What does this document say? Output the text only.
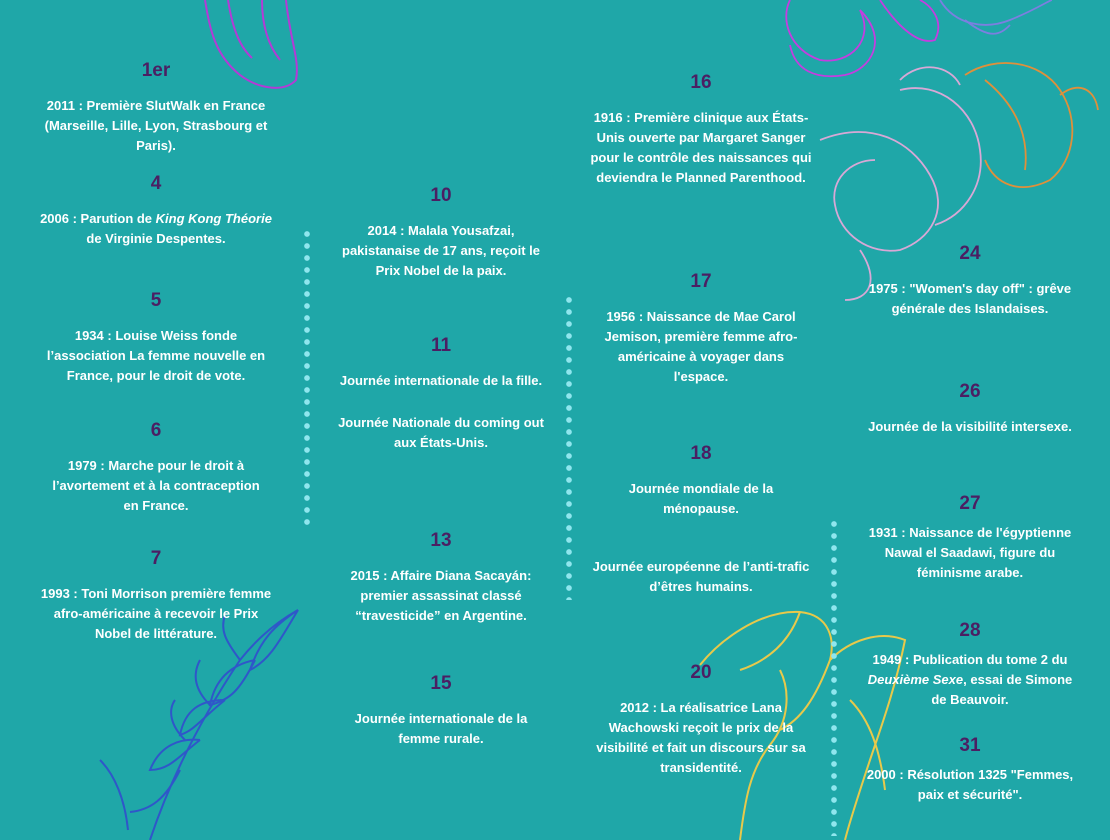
1er
2011 : Première SlutWalk en France (Marseille, Lille, Lyon, Strasbourg et Paris).
4
2006 : Parution de King Kong Théorie de Virginie Despentes.
5
1934 : Louise Weiss fonde l’association La femme nouvelle en France, pour le droit de vote.
6
1979 : Marche pour le droit à l’avortement et à la contraception en France.
7
1993 : Toni Morrison première femme afro-américaine à recevoir le Prix Nobel de littérature.
10
2014 : Malala Yousafzai, pakistanaise de 17 ans, reçoit le Prix Nobel de la paix.
11
Journée internationale de la fille.
Journée Nationale du coming out aux États-Unis.
13
2015 : Affaire Diana Sacayán: premier assassinat classé “travesticide” en Argentine.
15
Journée internationale de la femme rurale.
16
1916 : Première clinique aux États-Unis ouverte par Margaret Sanger pour le contrôle des naissances qui deviendra le Planned Parenthood.
17
1956 : Naissance de Mae Carol Jemison, première femme afro-américaine à voyager dans l'espace.
18
Journée mondiale de la ménopause.
Journée européenne de l’anti-trafic d’êtres humains.
20
2012 : La réalisatrice Lana Wachowski reçoit le prix de la visibilité et fait un discours sur sa transidentité.
24
1975 : "Women's day off" : grêve générale des Islandaises.
26
Journée de la visibilité intersexe.
27
1931 : Naissance de l'égyptienne Nawal el Saadawi, figure du féminisme arabe.
28
1949 : Publication du tome 2 du Deuxième Sexe, essai de Simone de Beauvoir.
31
2000 : Résolution 1325 "Femmes, paix et sécurité".
